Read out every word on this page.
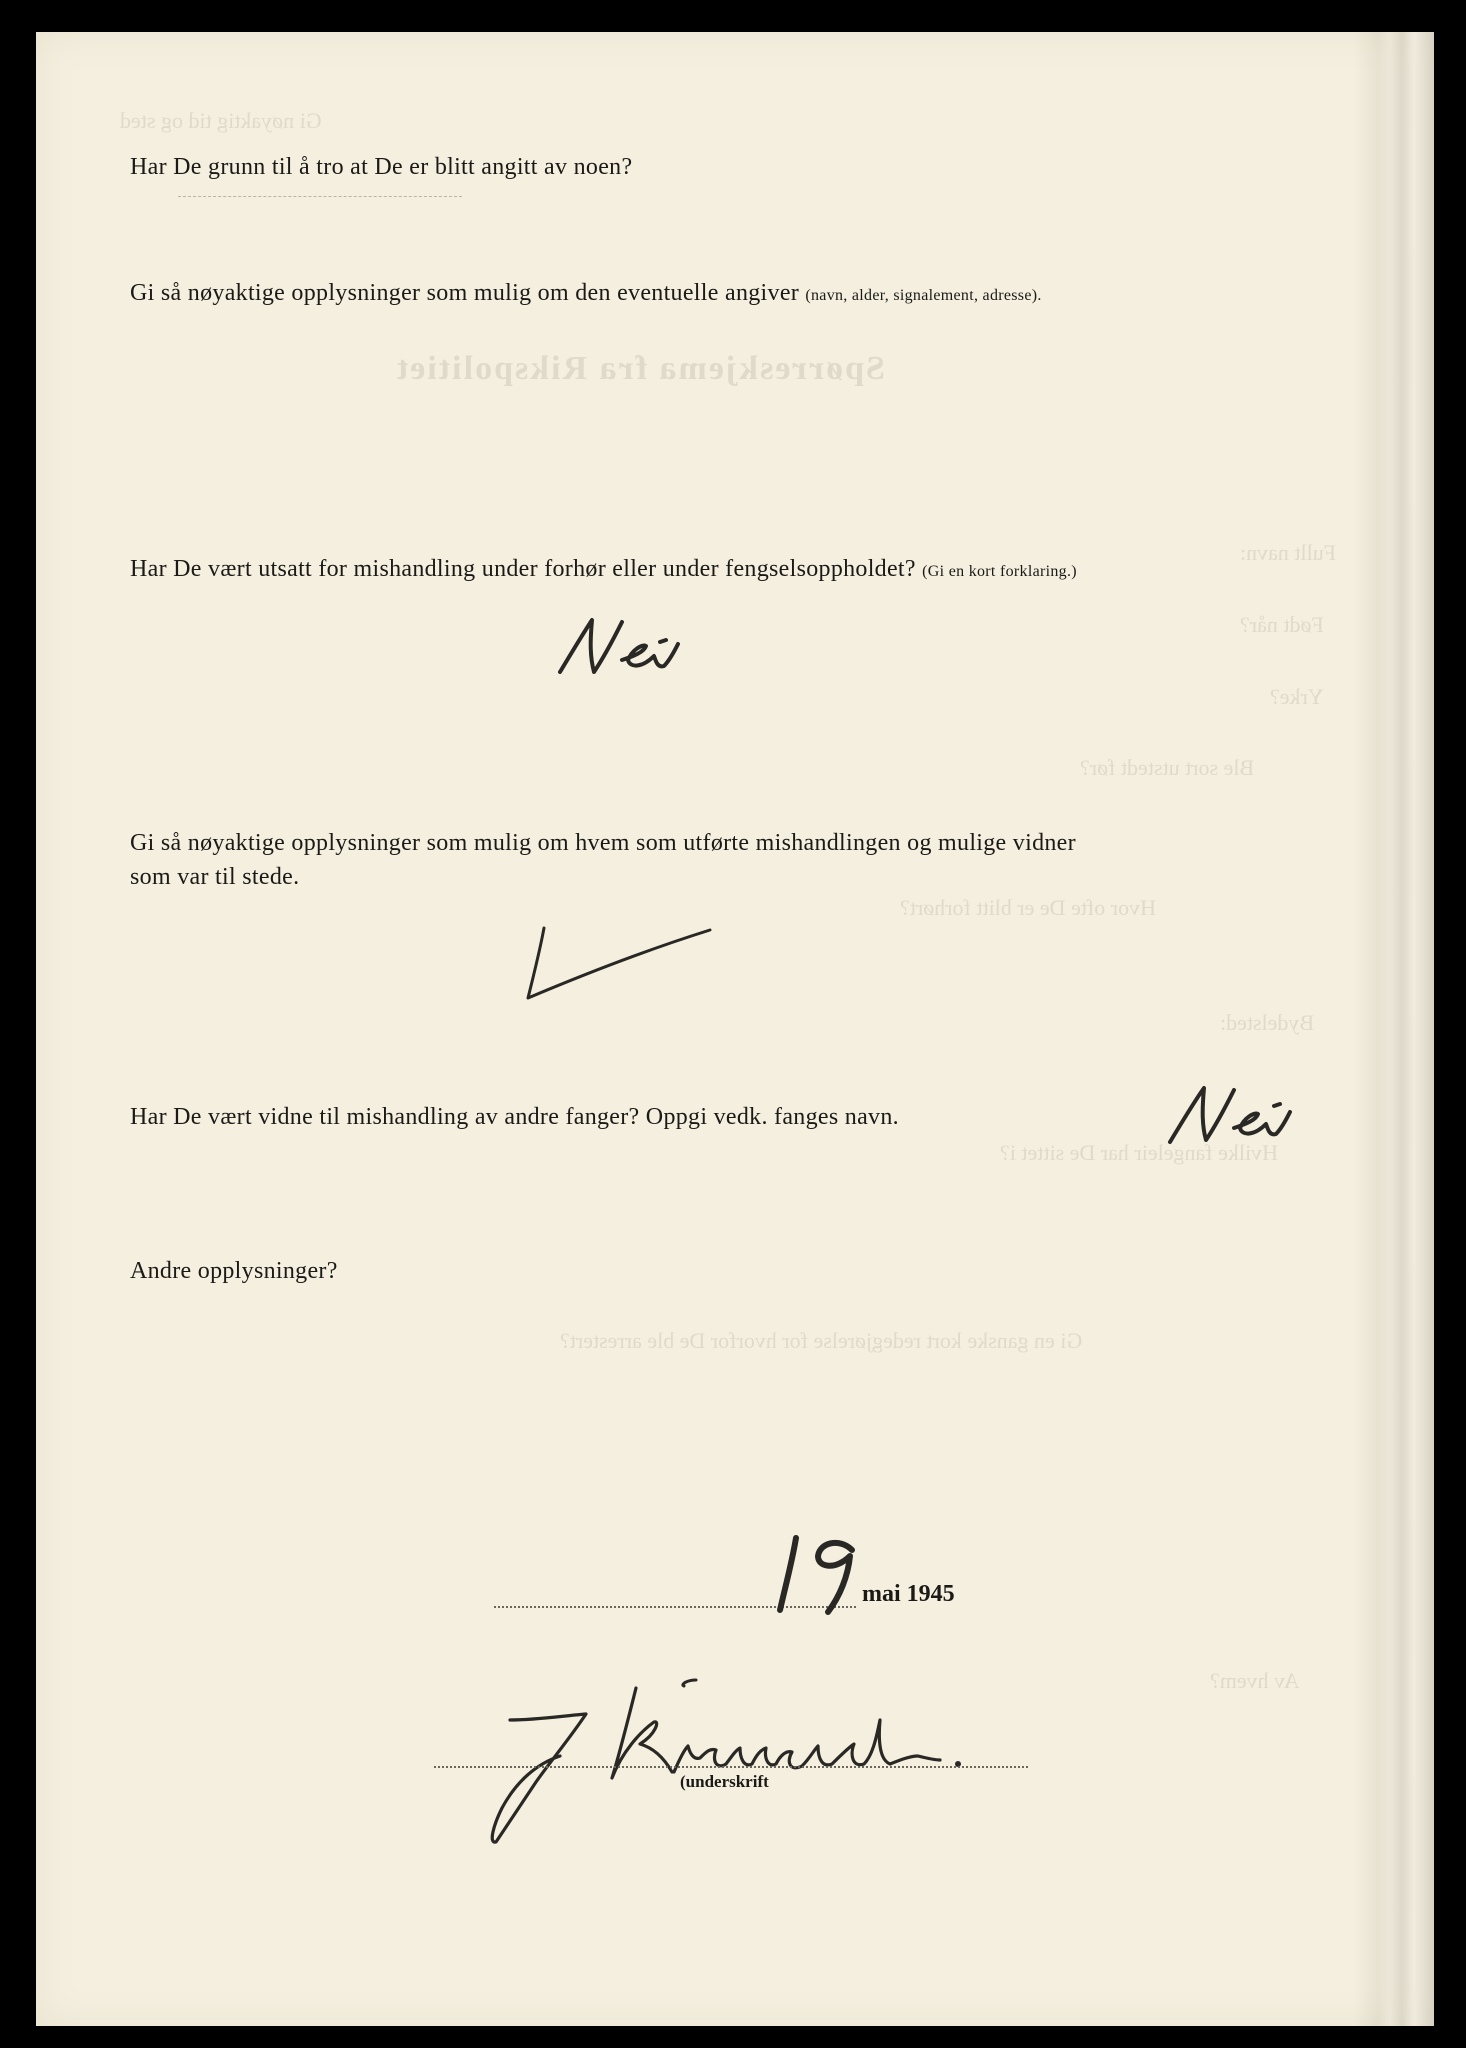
Gi nøyaktig tid og sted
Spørreskjema fra Rikspolitiet
Fullt navn:
Født når?
Yrke?
Ble sort utstedt før?
Hvor ofte De er blitt forhørt?
Bydelsted:
Hvilke fangeleir har De sittet i?
Gi en ganske kort redegjørelse for hvorfor De ble arrestert?
Av hvem?
Har De grunn til å tro at De er blitt angitt av noen?
Gi så nøyaktige opplysninger som mulig om den eventuelle angiver (navn, alder, signalement, adresse).
Har De vært utsatt for mishandling under forhør eller under fengselsoppholdet? (Gi en kort forklaring.)
Gi så nøyaktige opplysninger som mulig om hvem som utførte mishandlingen og mulige vidner
som var til stede.
Har De vært vidne til mishandling av andre fanger? Oppgi vedk. fanges navn.
Andre opplysninger?
mai 1945
(underskrift
